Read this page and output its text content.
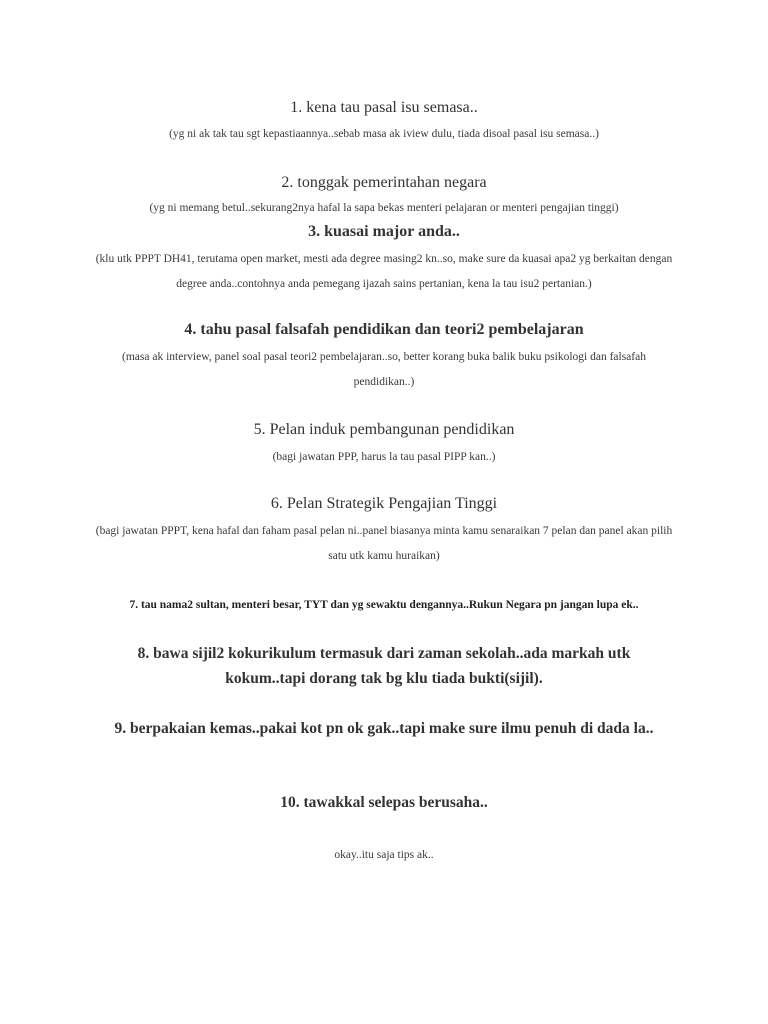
1. kena tau pasal isu semasa..
(yg ni ak tak tau sgt kepastiaannya..sebab masa ak iview dulu, tiada disoal pasal isu semasa..)
2. tonggak pemerintahan negara
(yg ni memang betul..sekurang2nya hafal la sapa bekas menteri pelajaran or menteri pengajian tinggi)
3. kuasai major anda..
(klu utk PPPT DH41, terutama open market, mesti ada degree masing2 kn..so, make sure da kuasai apa2 yg berkaitan dengan degree anda..contohnya anda pemegang ijazah sains pertanian, kena la tau isu2 pertanian.)
4. tahu pasal falsafah pendidikan dan teori2 pembelajaran
(masa ak interview, panel soal pasal teori2 pembelajaran..so, better korang buka balik buku psikologi dan falsafah pendidikan..)
5. Pelan induk pembangunan pendidikan
(bagi jawatan PPP, harus la tau pasal PIPP kan..)
6. Pelan Strategik Pengajian Tinggi
(bagi jawatan PPPT, kena hafal dan faham pasal pelan ni..panel biasanya minta kamu senaraikan 7 pelan dan panel akan pilih satu utk kamu huraikan)
7. tau nama2 sultan, menteri besar, TYT dan yg sewaktu dengannya..Rukun Negara pn jangan lupa ek..
8. bawa sijil2 kokurikulum termasuk dari zaman sekolah..ada markah utk kokum..tapi dorang tak bg klu tiada bukti(sijil).
9. berpakaian kemas..pakai kot pn ok gak..tapi make sure ilmu penuh di dada la..
10. tawakkal selepas berusaha..
okay..itu saja tips ak..
